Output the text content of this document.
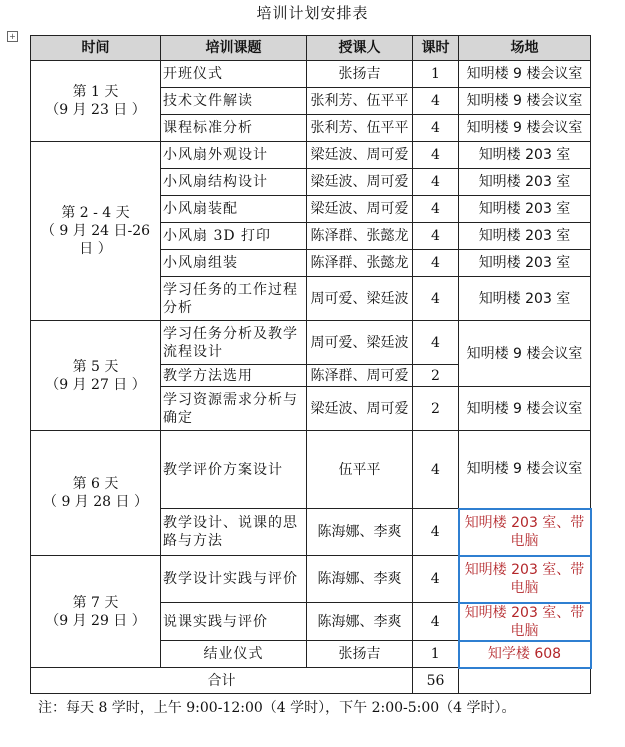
培训计划安排表
+
时间	培训课题	授课人	课时	场地

第 1 天
（9 月 23 日 ）	开班仪式	张扬吉	1	知明楼 9 楼会议室
	技术文件解读	张利芳、伍平平	4	知明楼 9 楼会议室
	课程标准分析	张利芳、伍平平	4	知明楼 9 楼会议室

第 2 - 4 天
（ 9 月 24 日-26 日 ）	小风扇外观设计	梁廷波、周可爱	4	知明楼 203 室
	小风扇结构设计	梁廷波、周可爱	4	知明楼 203 室
	小风扇装配	梁廷波、周可爱	4	知明楼 203 室
	小风扇 3D 打印	陈泽群、张懿龙	4	知明楼 203 室
	小风扇组装	陈泽群、张懿龙	4	知明楼 203 室
	学习任务的工作过程分析	周可爱、梁廷波	4	知明楼 203 室

第 5 天
（9 月 27 日 ）	学习任务分析及教学流程设计	周可爱、梁廷波	4	知明楼 9 楼会议室
	教学方法选用	陈泽群、周可爱	2	
	学习资源需求分析与确定	梁廷波、周可爱	2	知明楼 9 楼会议室

第 6 天
（ 9 月 28 日 ）	教学评价方案设计	伍平平	4	知明楼 9 楼会议室
	教学设计、说课的思路与方法	陈海娜、李爽	4	知明楼 203 室、带电脑

第 7 天
（9 月 29 日 ）	教学设计实践与评价	陈海娜、李爽	4	知明楼 203 室、带电脑
	说课实践与评价	陈海娜、李爽	4	知明楼 203 室、带电脑
	结业仪式	张扬吉	1	知学楼 608
合计			56	
注：每天 8 学时，上午 9:00-12:00（4 学时），下午 2:00-5:00（4 学时）。
